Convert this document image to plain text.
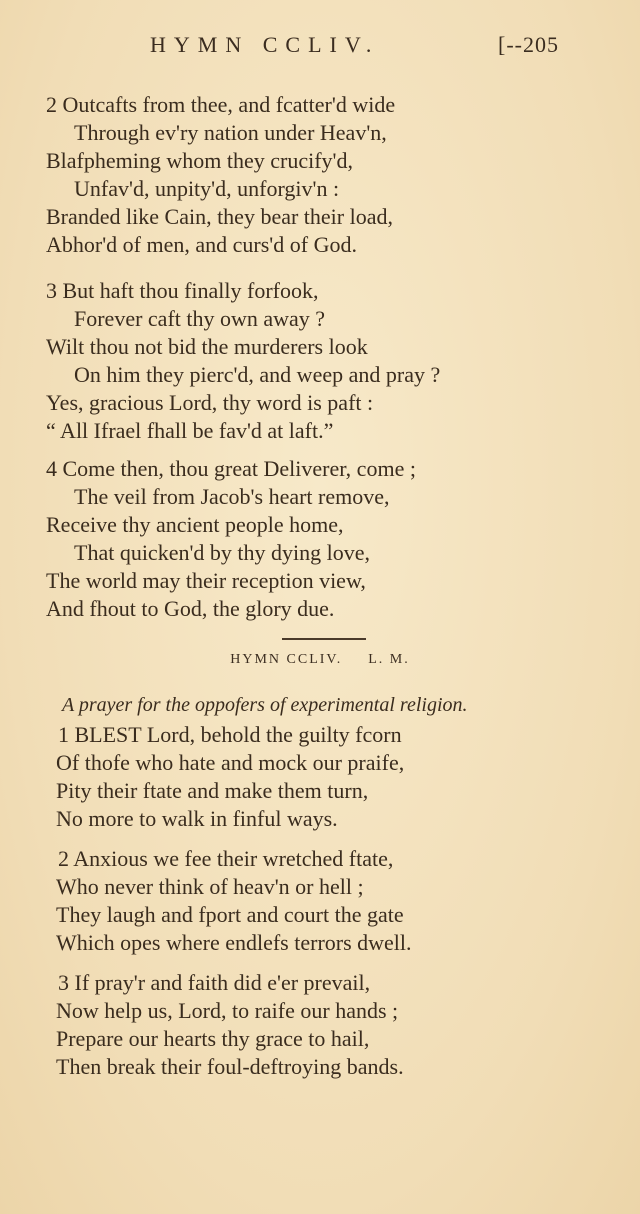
HYMN CCLIV.	[--205
2 Outcafts from thee, and fcatter'd wide
Through ev'ry nation under Heav'n,
Blafpheming whom they crucify'd,
Unfav'd, unpity'd, unforgiv'n :
Branded like Cain, they bear their load,
Abhor'd of men, and curs'd of God.
3 But haft thou finally forfook,
Forever caft thy own away ?
Wilt thou not bid the murderers look
On him they pierc'd, and weep and pray ?
Yes, gracious Lord, thy word is paft :
“ All Ifrael fhall be fav'd at laft.”
4 Come then, thou great Deliverer, come ;
The veil from Jacob's heart remove,
Receive thy ancient people home,
That quicken'd by thy dying love,
The world may their reception view,
And fhout to God, the glory due.
HYMN CCLIV. L. M.
A prayer for the oppofers of experimental religion.
1 BLEST Lord, behold the guilty fcorn
Of thofe who hate and mock our praife,
Pity their ftate and make them turn,
No more to walk in finful ways.
2 Anxious we fee their wretched ftate,
Who never think of heav'n or hell ;
They laugh and fport and court the gate
Which opes where endlefs terrors dwell.
3 If pray'r and faith did e'er prevail,
Now help us, Lord, to raife our hands ;
Prepare our hearts thy grace to hail,
Then break their foul-deftroying bands.
